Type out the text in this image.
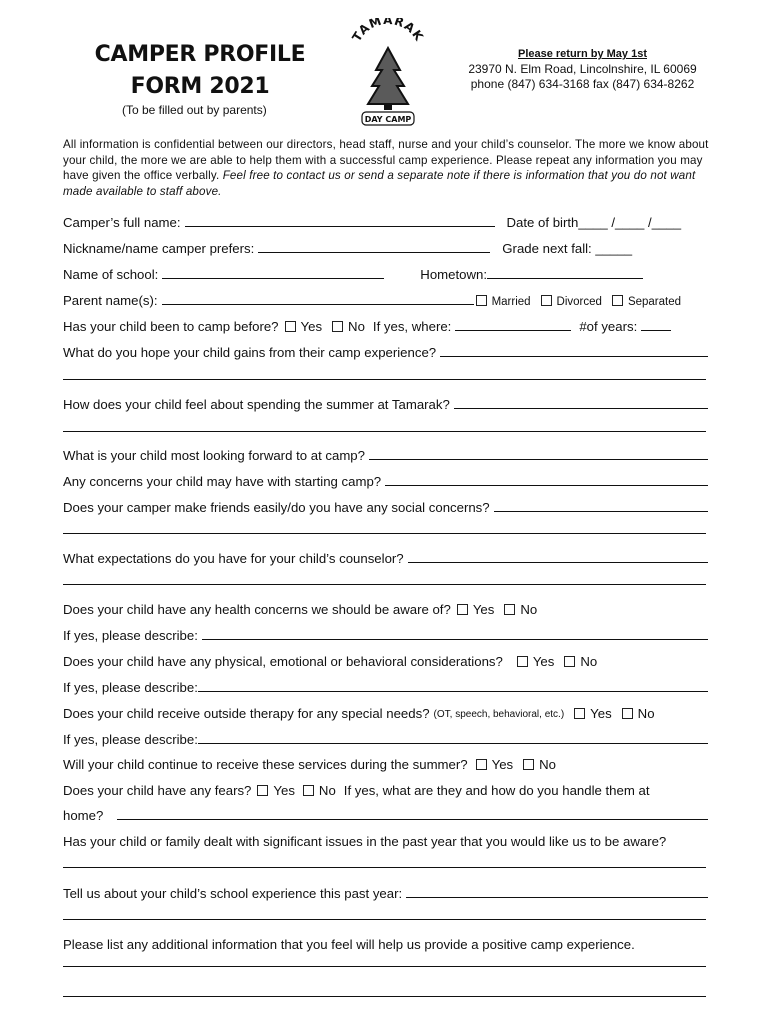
CAMPER PROFILE
FORM 2021
(To be filled out by parents)
TAMARAK
DAY CAMP
Please return by May 1st
23970 N. Elm Road, Lincolnshire, IL 60069
phone (847) 634-3168 fax (847) 634-8262
All information is confidential between our directors, head staff, nurse and your child’s counselor. The more we know about your child, the more we are able to help them with a successful camp experience. Please repeat any information you may have given the office verbally. Feel free to contact us or send a separate note if there is information that you do not want made available to staff above.
Camper’s full name:	Date of birth____ /____ /____
Nickname/name camper prefers:	Grade next fall: _____
Name of school:	Hometown:
Parent name(s):	Married Divorced Separated
Has your child been to camp before? Yes No If yes, where:	#of years:
What do you hope your child gains from their camp experience?
How does your child feel about spending the summer at Tamarak?
What is your child most looking forward to at camp?
Any concerns your child may have with starting camp?
Does your camper make friends easily/do you have any social concerns?
What expectations do you have for your child’s counselor?
Does your child have any health concerns we should be aware of? Yes No
If yes, please describe:
Does your child have any physical, emotional or behavioral considerations? Yes No
If yes, please describe:
Does your child receive outside therapy for any special needs? (OT, speech, behavioral, etc.) Yes No
If yes, please describe:
Will your child continue to receive these services during the summer? Yes No
Does your child have any fears? Yes No If yes, what are they and how do you handle them at
home?
Has your child or family dealt with significant issues in the past year that you would like us to be aware?
Tell us about your child’s school experience this past year:
Please list any additional information that you feel will help us provide a positive camp experience.
